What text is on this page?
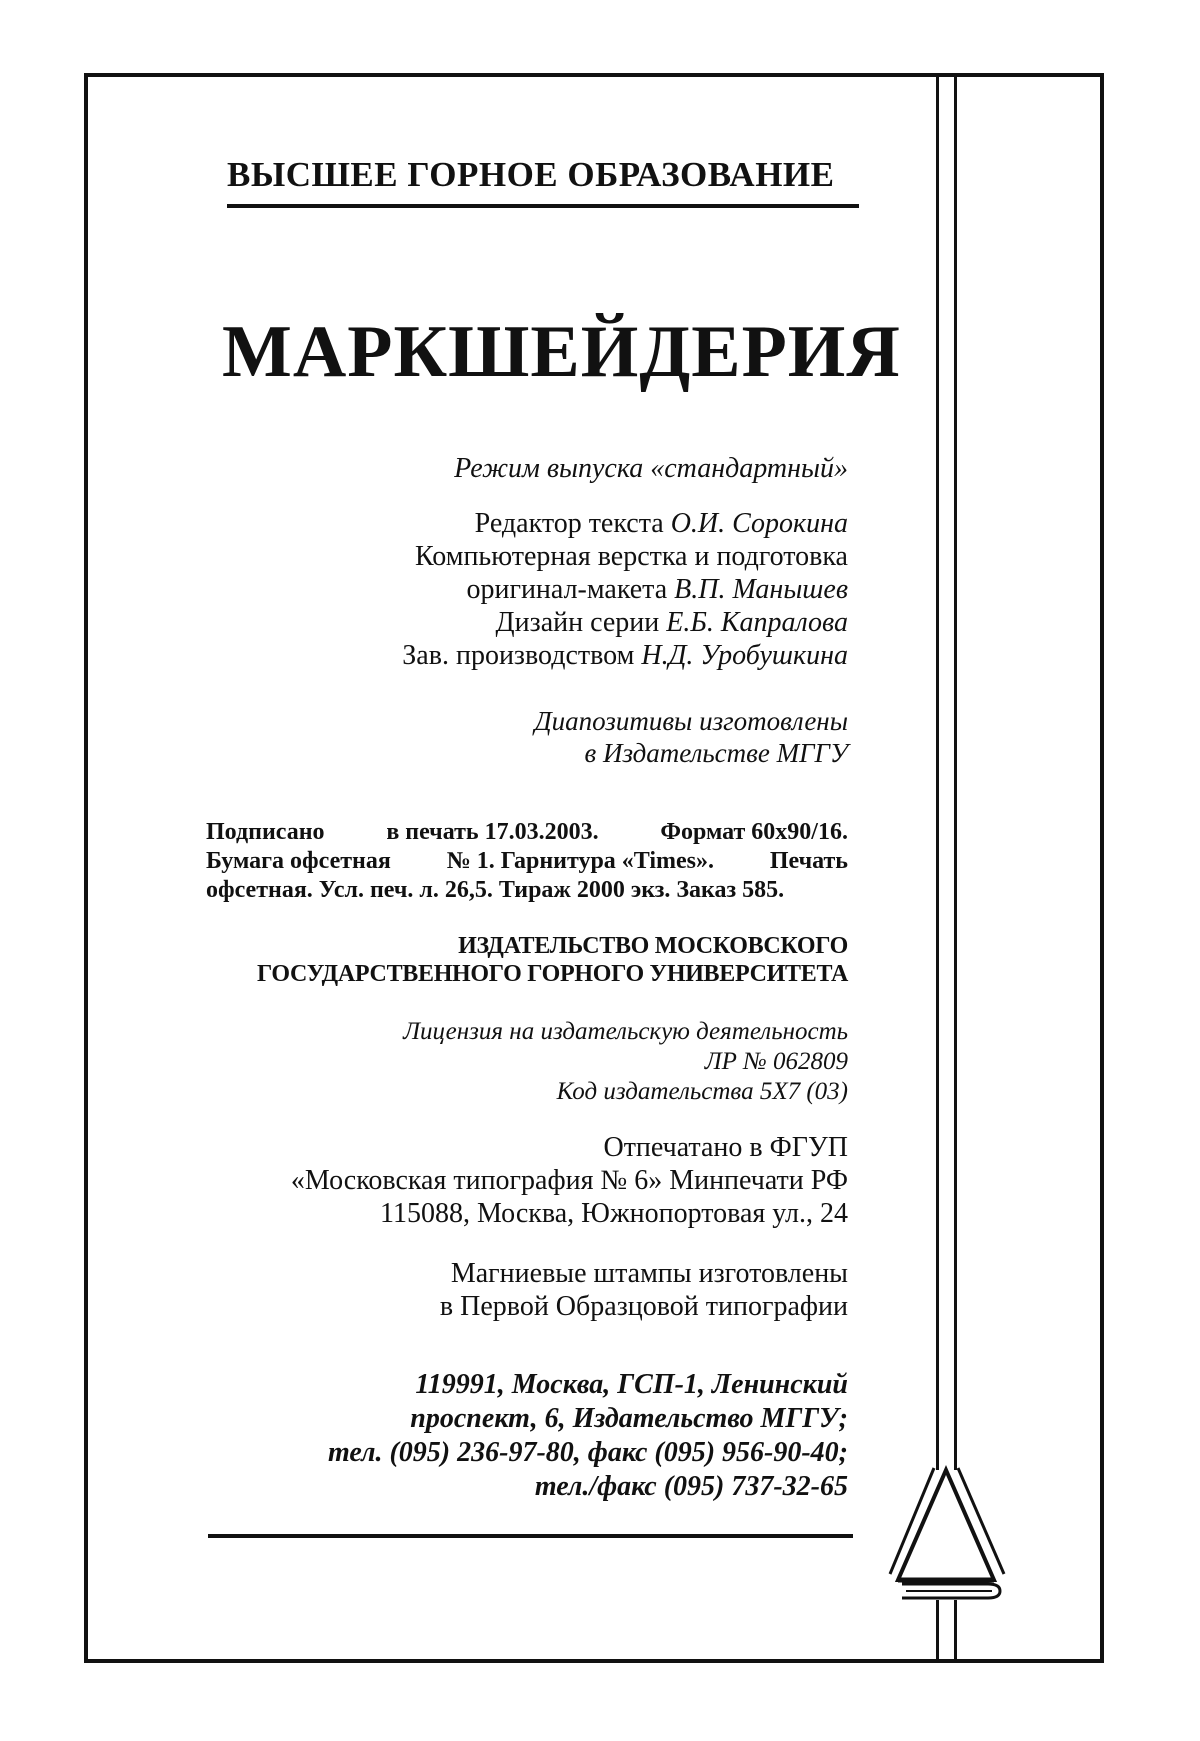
ВЫСШЕЕ ГОРНОЕ ОБРАЗОВАНИЕ
МАРКШЕЙДЕРИЯ
Режим выпуска «стандартный»
Редактор текста О.И. Сорокина
Компьютерная верстка и подготовка
оригинал-макета В.П. Манышев
Дизайн серии Е.Б. Капралова
Зав. производством Н.Д. Уробушкина
Диапозитивы изготовлены
в Издательстве МГГУ
Подписано	в печать 17.03.2003.	Формат 60х90/16.
Бумага офсетная № 1. Гарнитура «Times». Печать
офсетная. Усл. печ. л. 26,5. Тираж 2000 экз. Заказ 585.
ИЗДАТЕЛЬСТВО МОСКОВСКОГО
ГОСУДАРСТВЕННОГО ГОРНОГО УНИВЕРСИТЕТА
Лицензия на издательскую деятельность
ЛР № 062809
Код издательства 5Х7 (03)
Отпечатано в ФГУП
«Московская типография № 6» Минпечати РФ
115088, Москва, Южнопортовая ул., 24
Магниевые штампы изготовлены
в Первой Образцовой типографии
119991, Москва, ГСП-1, Ленинский
проспект, 6, Издательство МГГУ;
тел. (095) 236-97-80, факс (095) 956-90-40;
тел./факс (095) 737-32-65
